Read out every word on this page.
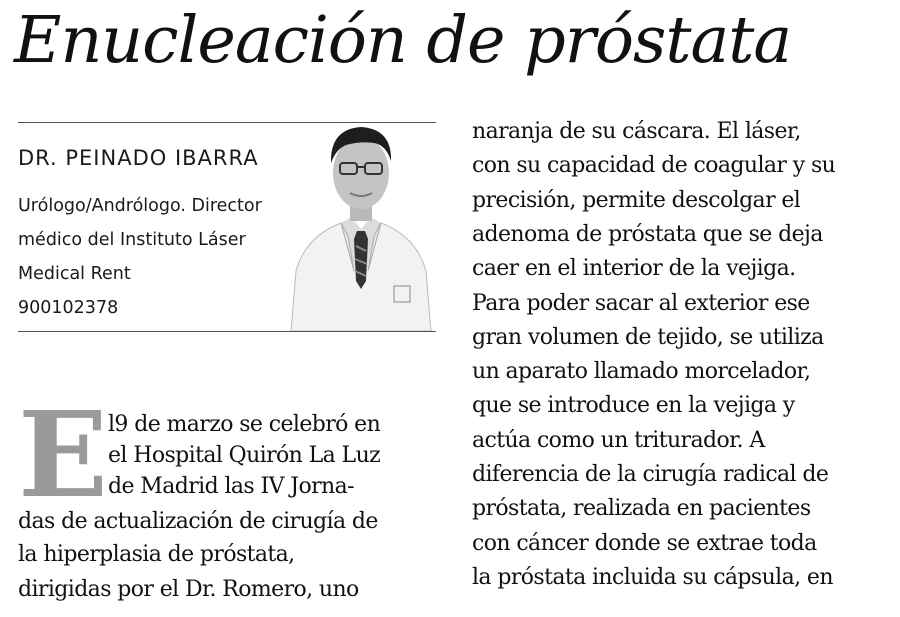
Enucleación de próstata

DR. PEINADO IBARRA

Urólogo/Andrólogo. Director

médico del Instituto Láser

Medical Rent

900102378

E l9 de marzo se celebró en
el Hospital Quirón La Luz
de Madrid las IV Jorna-
das de actualización de cirugía de
la hiperplasia de próstata,
dirigidas por el Dr. Romero, uno
naranja de su cáscara. El láser,
con su capacidad de coagular y su
precisión, permite descolgar el
adenoma de próstata que se deja
caer en el interior de la vejiga.
Para poder sacar al exterior ese
gran volumen de tejido, se utiliza
un aparato llamado morcelador,
que se introduce en la vejiga y
actúa como un triturador. A
diferencia de la cirugía radical de
próstata, realizada en pacientes
con cáncer donde se extrae toda
la próstata incluida su cápsula, en
